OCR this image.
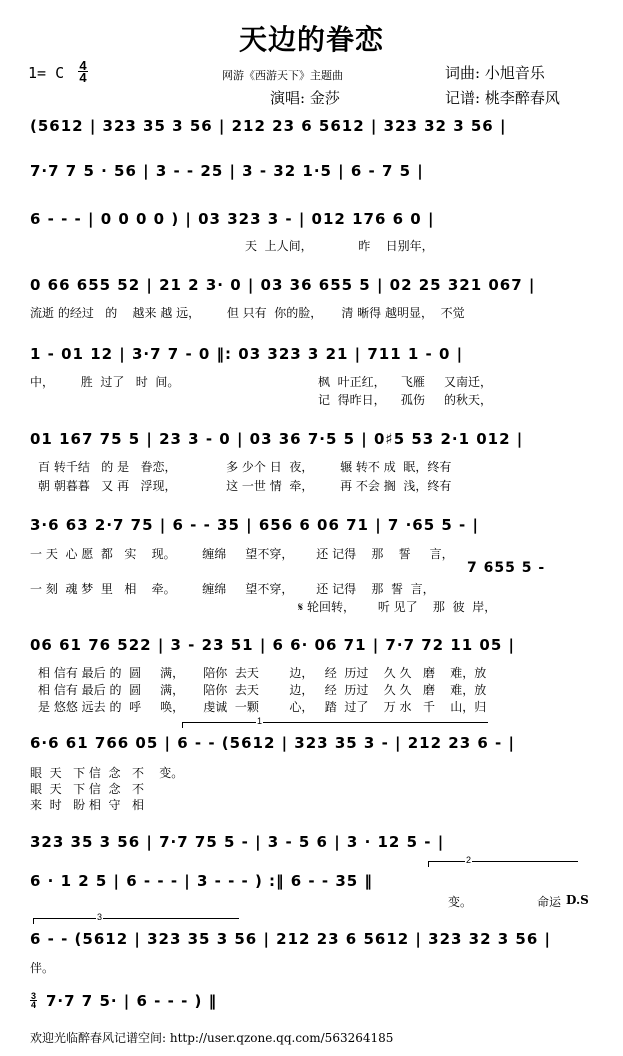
天边的眷恋
1= C 4
4	网游《西游天下》主题曲	词曲: 小旭音乐
演唱: 金莎	记谱: 桃李醉春风
(5612 | 323 35 3 56 | 212 23 6 5612 | 323 32 3 56 |
7·7 7 5 · 56 | 3 - - 25 | 3 - 32 1·5 | 6 - 7 5 |
6 - - - | 0 0 0 0 ) | 03 323 3 - | 012 176 6 0 |
天  上人间，            昨    日别年，
0 66 655 52 | 21 2 3· 0 | 03 36 655 5 | 02 25 321 067 |
流逝 的经过   的    越来 越 远，       但 只有  你的脸，     清 晰得 越明显，  不觉
1 - 01 12 | 3·7 7 - 0 ‖: 03 323 3 21 | 711 1 - 0 |
中，       胜  过了   时  间。	枫  叶正红，    飞雁     又南迁，
记  得昨日，    孤伤     的秋天，
01 167 75 5 | 23 3 - 0 | 03 36 7·5 5 | 0♯5 53 2·1 012 |
百 转千结   的 是   眷恋，             多 少个 日  夜，       辗 转不 成  眠，终有
朝 朝暮暮   又 再   浮现，             这 一世 情  牵，       再 不会 搁  浅，终有
3·6 63 2·7 75 | 6 - - 35 | 656 6 06 71 | 7 ·65 5 - |
一 天  心 愿  都   实    现。       缠绵     望不穿，      还 记得    那    誓     言，
7 655 5 -
一 刻  魂 梦  里   相    牵。       缠绵     望不穿，      还 记得    那  誓  言，
𝄋 轮回转，      听 见了    那  彼  岸，
06 61 76 522 | 3 - 23 51 | 6 6· 06 71 | 7·7 72 11 05 |
相 信有 最后 的  圆     满，     陪你  去天        边，   经  历过    久 久   磨    难，放
相 信有 最后 的  圆     满，     陪你  去天        边，   经  历过    久 久   磨    难，放
是 悠悠 远去 的  呼     唤，     虔诚  一颗        心，   踏  过了    万 水   千    山，归
1
6·6 61 766 05 | 6 - - (5612 | 323 35 3 - | 212 23 6 - |
眼  天   下 信  念   不    变。
眼  天   下 信  念   不
来  时   盼 相  守   相
323 35 3 56 | 7·7 75 5 - | 3 - 5 6 | 3 · 12 5 - |
2
6 · 1 2 5 | 6 - - - | 3 - - - ) :‖ 6 - - 35 ‖
变。	命运 D.S
3
6 - - (5612 | 323 35 3 56 | 212 23 6 5612 | 323 32 3 56 |
伴。
3
4 7·7 7 5· | 6 - - - ) ‖
欢迎光临醉春风记谱空间: http://user.qzone.qq.com/563264185
